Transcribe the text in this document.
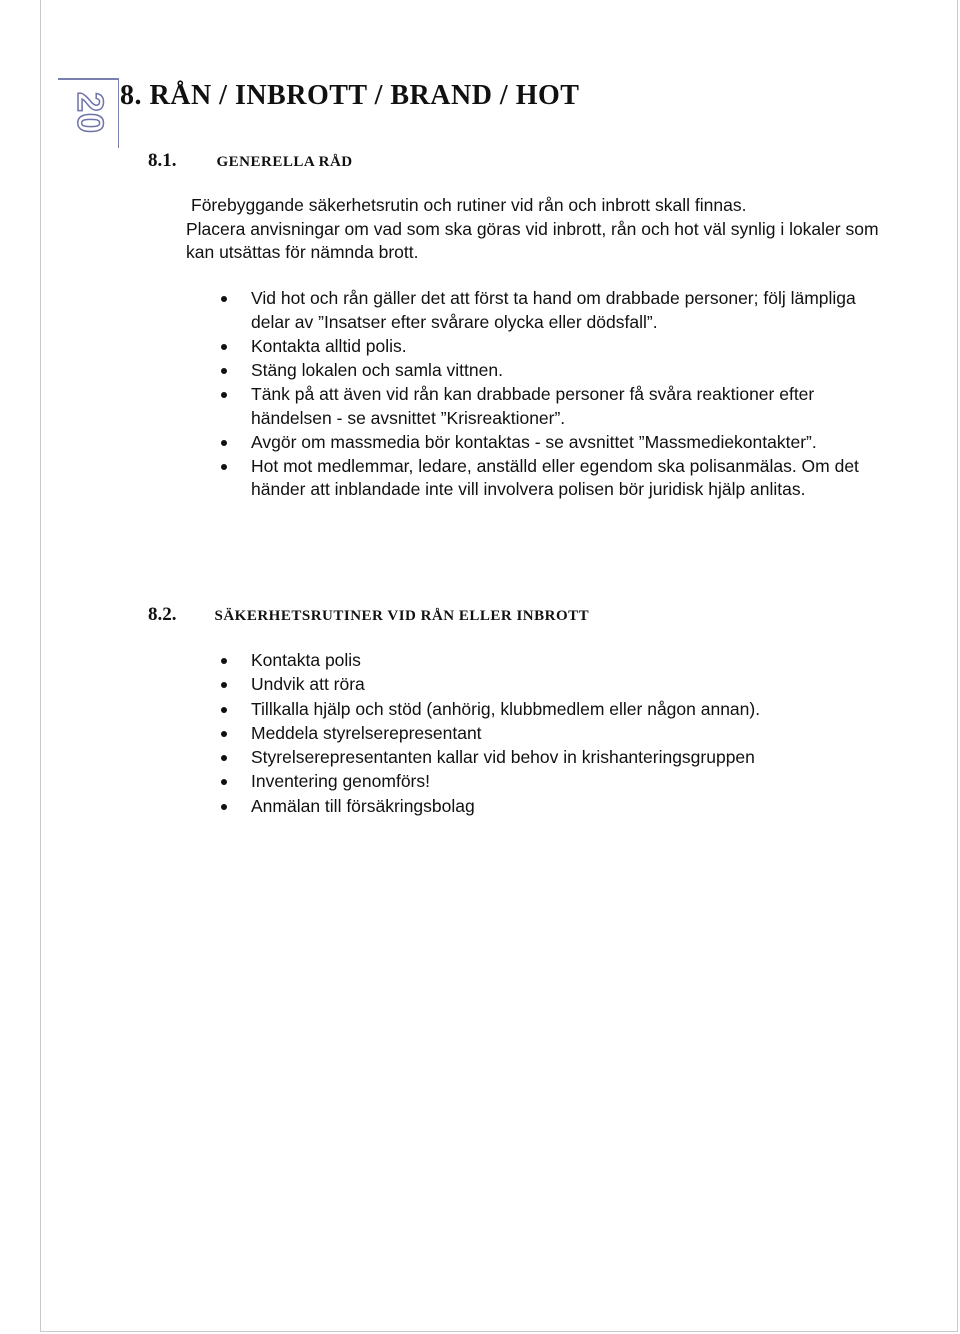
20 8. RÅN / INBROTT / BRAND / HOT
8.1.	GENERELLA RÅD
Förebyggande säkerhetsrutin och rutiner vid rån och inbrott skall finnas.
Placera anvisningar om vad som ska göras vid inbrott, rån och hot väl synlig i lokaler som kan utsättas för nämnda brott.
Vid hot och rån gäller det att först ta hand om drabbade personer; följ lämpliga delar av ”Insatser efter svårare olycka eller dödsfall”.
Kontakta alltid polis.
Stäng lokalen och samla vittnen.
Tänk på att även vid rån kan drabbade personer få svåra reaktioner efter händelsen - se avsnittet ”Krisreaktioner”.
Avgör om massmedia bör kontaktas - se avsnittet ”Massmediekontakter”.
Hot mot medlemmar, ledare, anställd eller egendom ska polisanmälas. Om det händer att inblandade inte vill involvera polisen bör juridisk hjälp anlitas.
8.2.	SÄKERHETSRUTINER VID RÅN ELLER INBROTT
Kontakta polis
Undvik att röra
Tillkalla hjälp och stöd (anhörig, klubbmedlem eller någon annan).
Meddela styrelserepresentant
Styrelserepresentanten kallar vid behov in krishanteringsgruppen
Inventering genomförs!
Anmälan till försäkringsbolag
